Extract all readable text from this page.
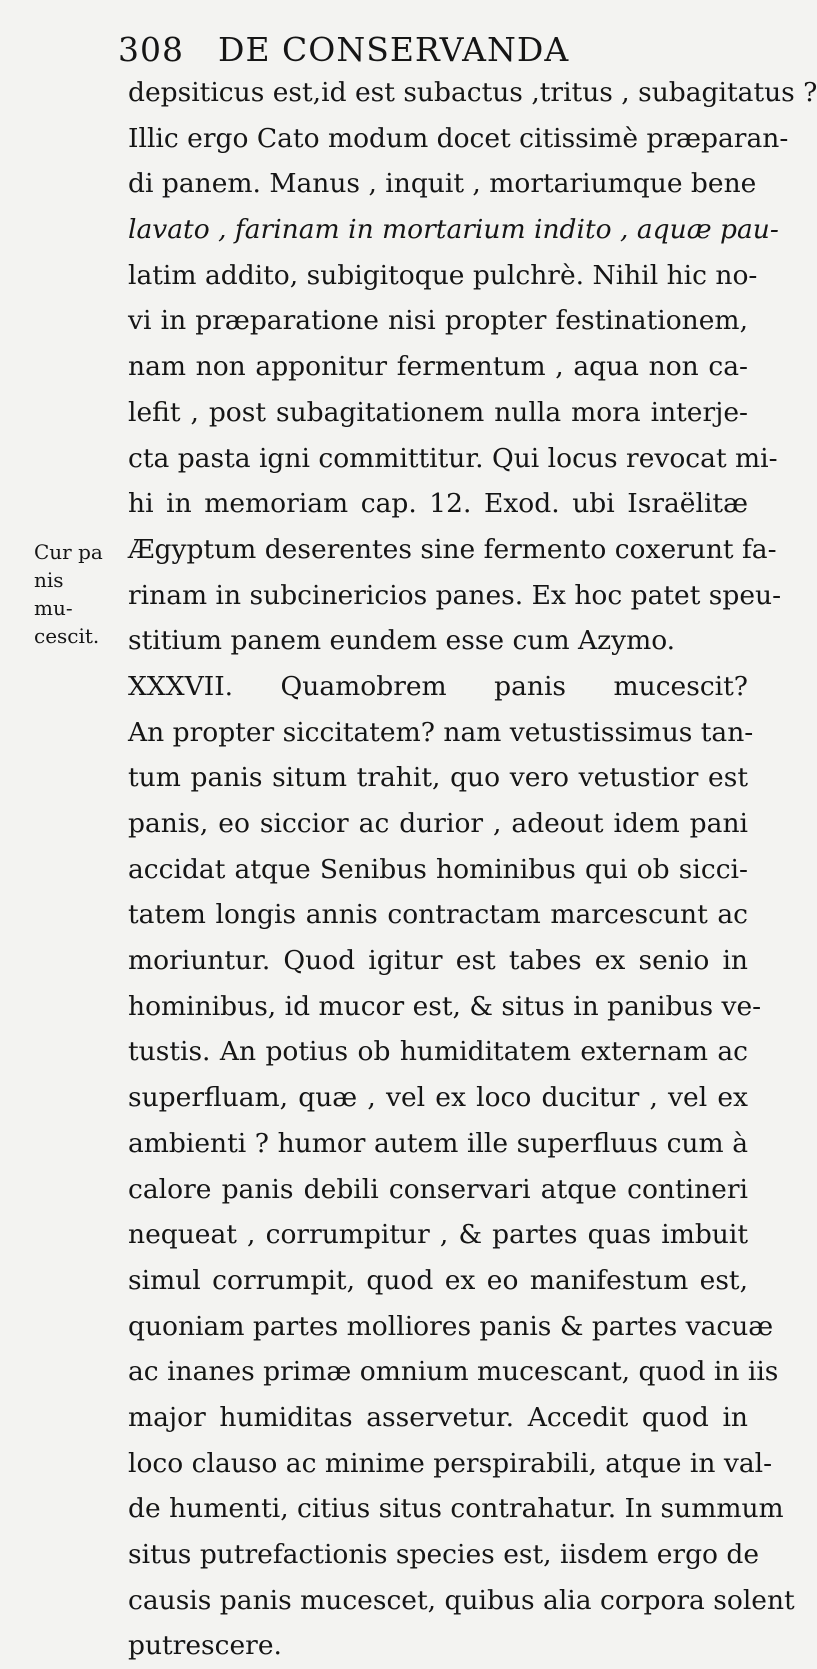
308 DE CONSERVANDA
Cur pa
nis
mu-
cescit.
depsiticus est,id est subactus ,tritus , subagitatus ?
Illic ergo Cato modum docet citissimè præparan-
di panem. Manus , inquit , mortariumque bene
lavato , farinam in mortarium indito , aquæ pau-
latim addito, subigitoque pulchrè. Nihil hic no-
vi in præparatione nisi propter festinationem,
nam non apponitur fermentum , aqua non ca-
lefit , post subagitationem nulla mora interje-
cta pasta igni committitur. Qui locus revocat mi-
hi in memoriam cap. 12. Exod. ubi Israëlitæ
Ægyptum deserentes sine fermento coxerunt fa-
rinam in subcinericios panes. Ex hoc patet speu-
stitium panem eundem esse cum Azymo.
XXXVII. Quamobrem panis mucescit?
An propter siccitatem? nam vetustissimus tan-
tum panis situm trahit, quo vero vetustior est
panis, eo siccior ac durior , adeout idem pani
accidat atque Senibus hominibus qui ob sicci-
tatem longis annis contractam marcescunt ac
moriuntur. Quod igitur est tabes ex senio in
hominibus, id mucor est, & situs in panibus ve-
tustis. An potius ob humiditatem externam ac
superfluam, quæ , vel ex loco ducitur , vel ex
ambienti ? humor autem ille superfluus cum à
calore panis debili conservari atque contineri
nequeat , corrumpitur , & partes quas imbuit
simul corrumpit, quod ex eo manifestum est,
quoniam partes molliores panis & partes vacuæ
ac inanes primæ omnium mucescant, quod in iis
major humiditas asservetur. Accedit quod in
loco clauso ac minime perspirabili, atque in val-
de humenti, citius situs contrahatur. In summum
situs putrefactionis species est, iisdem ergo de
causis panis mucescet, quibus alia corpora solent
putrescere.
